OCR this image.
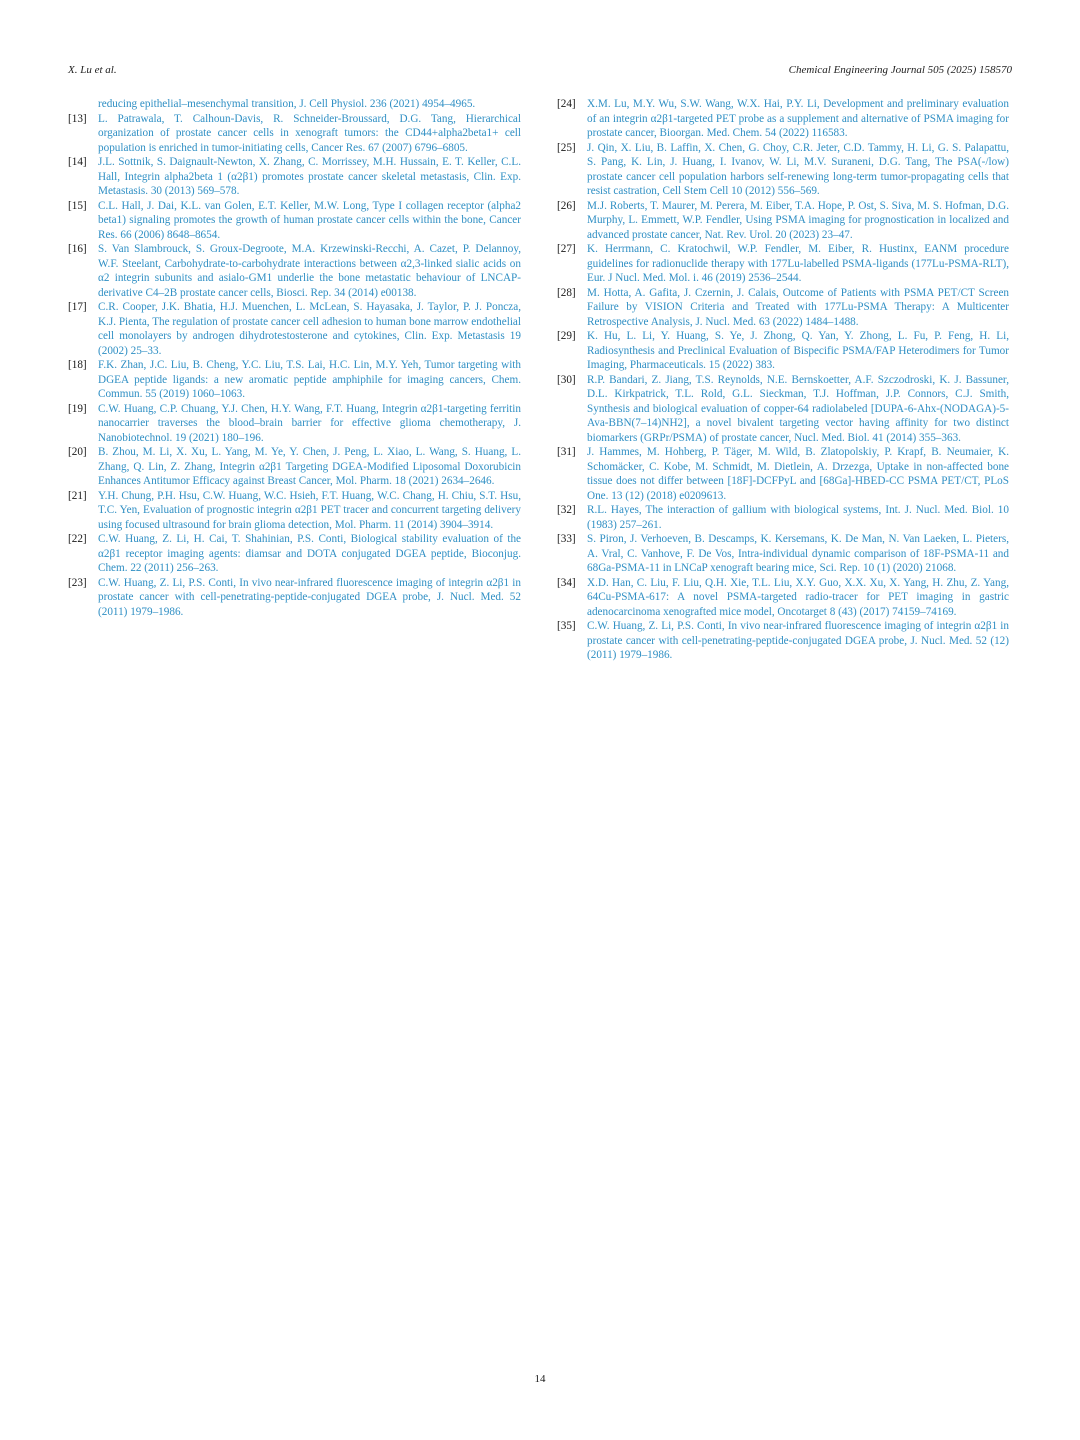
X. Lu et al.	Chemical Engineering Journal 505 (2025) 158570

reducing epithelial–mesenchymal transition, J. Cell Physiol. 236 (2021) 4954–4965.

[13] L. Patrawala, T. Calhoun-Davis, R. Schneider-Broussard, D.G. Tang, Hierarchical organization of prostate cancer cells in xenograft tumors: the CD44+alpha2beta1+ cell population is enriched in tumor-initiating cells, Cancer Res. 67 (2007) 6796–6805.

[14] J.L. Sottnik, S. Daignault-Newton, X. Zhang, C. Morrissey, M.H. Hussain, E. T. Keller, C.L. Hall, Integrin alpha2beta 1 (α2β1) promotes prostate cancer skeletal metastasis, Clin. Exp. Metastasis. 30 (2013) 569–578.

[15] C.L. Hall, J. Dai, K.L. van Golen, E.T. Keller, M.W. Long, Type I collagen receptor (alpha2 beta1) signaling promotes the growth of human prostate cancer cells within the bone, Cancer Res. 66 (2006) 8648–8654.

[16] S. Van Slambrouck, S. Groux-Degroote, M.A. Krzewinski-Recchi, A. Cazet, P. Delannoy, W.F. Steelant, Carbohydrate-to-carbohydrate interactions between α2,3-linked sialic acids on α2 integrin subunits and asialo-GM1 underlie the bone metastatic behaviour of LNCAP-derivative C4–2B prostate cancer cells, Biosci. Rep. 34 (2014) e00138.

[17] C.R. Cooper, J.K. Bhatia, H.J. Muenchen, L. McLean, S. Hayasaka, J. Taylor, P. J. Poncza, K.J. Pienta, The regulation of prostate cancer cell adhesion to human bone marrow endothelial cell monolayers by androgen dihydrotestosterone and cytokines, Clin. Exp. Metastasis 19 (2002) 25–33.

[18] F.K. Zhan, J.C. Liu, B. Cheng, Y.C. Liu, T.S. Lai, H.C. Lin, M.Y. Yeh, Tumor targeting with DGEA peptide ligands: a new aromatic peptide amphiphile for imaging cancers, Chem. Commun. 55 (2019) 1060–1063.

[19] C.W. Huang, C.P. Chuang, Y.J. Chen, H.Y. Wang, F.T. Huang, Integrin α2β1-targeting ferritin nanocarrier traverses the blood–brain barrier for effective glioma chemotherapy, J. Nanobiotechnol. 19 (2021) 180–196.

[20] B. Zhou, M. Li, X. Xu, L. Yang, M. Ye, Y. Chen, J. Peng, L. Xiao, L. Wang, S. Huang, L. Zhang, Q. Lin, Z. Zhang, Integrin α2β1 Targeting DGEA-Modified Liposomal Doxorubicin Enhances Antitumor Efficacy against Breast Cancer, Mol. Pharm. 18 (2021) 2634–2646.

[21] Y.H. Chung, P.H. Hsu, C.W. Huang, W.C. Hsieh, F.T. Huang, W.C. Chang, H. Chiu, S.T. Hsu, T.C. Yen, Evaluation of prognostic integrin α2β1 PET tracer and concurrent targeting delivery using focused ultrasound for brain glioma detection, Mol. Pharm. 11 (2014) 3904–3914.

[22] C.W. Huang, Z. Li, H. Cai, T. Shahinian, P.S. Conti, Biological stability evaluation of the α2β1 receptor imaging agents: diamsar and DOTA conjugated DGEA peptide, Bioconjug. Chem. 22 (2011) 256–263.

[23] C.W. Huang, Z. Li, P.S. Conti, In vivo near-infrared fluorescence imaging of integrin α2β1 in prostate cancer with cell-penetrating-peptide-conjugated DGEA probe, J. Nucl. Med. 52 (2011) 1979–1986.

[24] X.M. Lu, M.Y. Wu, S.W. Wang, W.X. Hai, P.Y. Li, Development and preliminary evaluation of an integrin α2β1-targeted PET probe as a supplement and alternative of PSMA imaging for prostate cancer, Bioorgan. Med. Chem. 54 (2022) 116583.

[25] J. Qin, X. Liu, B. Laffin, X. Chen, G. Choy, C.R. Jeter, C.D. Tammy, H. Li, G. S. Palapattu, S. Pang, K. Lin, J. Huang, I. Ivanov, W. Li, M.V. Suraneni, D.G. Tang, The PSA(-/low) prostate cancer cell population harbors self-renewing long-term tumor-propagating cells that resist castration, Cell Stem Cell 10 (2012) 556–569.

[26] M.J. Roberts, T. Maurer, M. Perera, M. Eiber, T.A. Hope, P. Ost, S. Siva, M. S. Hofman, D.G. Murphy, L. Emmett, W.P. Fendler, Using PSMA imaging for prognostication in localized and advanced prostate cancer, Nat. Rev. Urol. 20 (2023) 23–47.

[27] K. Herrmann, C. Kratochwil, W.P. Fendler, M. Eiber, R. Hustinx, EANM procedure guidelines for radionuclide therapy with 177Lu-labelled PSMA-ligands (177Lu-PSMA-RLT), Eur. J Nucl. Med. Mol. i. 46 (2019) 2536–2544.

[28] M. Hotta, A. Gafita, J. Czernin, J. Calais, Outcome of Patients with PSMA PET/CT Screen Failure by VISION Criteria and Treated with 177Lu-PSMA Therapy: A Multicenter Retrospective Analysis, J. Nucl. Med. 63 (2022) 1484–1488.

[29] K. Hu, L. Li, Y. Huang, S. Ye, J. Zhong, Q. Yan, Y. Zhong, L. Fu, P. Feng, H. Li, Radiosynthesis and Preclinical Evaluation of Bispecific PSMA/FAP Heterodimers for Tumor Imaging, Pharmaceuticals. 15 (2022) 383.

[30] R.P. Bandari, Z. Jiang, T.S. Reynolds, N.E. Bernskoetter, A.F. Szczodroski, K. J. Bassuner, D.L. Kirkpatrick, T.L. Rold, G.L. Sieckman, T.J. Hoffman, J.P. Connors, C.J. Smith, Synthesis and biological evaluation of copper-64 radiolabeled [DUPA-6-Ahx-(NODAGA)-5-Ava-BBN(7–14)NH2], a novel bivalent targeting vector having affinity for two distinct biomarkers (GRPr/PSMA) of prostate cancer, Nucl. Med. Biol. 41 (2014) 355–363.

[31] J. Hammes, M. Hohberg, P. Täger, M. Wild, B. Zlatopolskiy, P. Krapf, B. Neumaier, K. Schomäcker, C. Kobe, M. Schmidt, M. Dietlein, A. Drzezga, Uptake in non-affected bone tissue does not differ between [18F]-DCFPyL and [68Ga]-HBED-CC PSMA PET/CT, PLoS One. 13 (12) (2018) e0209613.

[32] R.L. Hayes, The interaction of gallium with biological systems, Int. J. Nucl. Med. Biol. 10 (1983) 257–261.

[33] S. Piron, J. Verhoeven, B. Descamps, K. Kersemans, K. De Man, N. Van Laeken, L. Pieters, A. Vral, C. Vanhove, F. De Vos, Intra-individual dynamic comparison of 18F-PSMA-11 and 68Ga-PSMA-11 in LNCaP xenograft bearing mice, Sci. Rep. 10 (1) (2020) 21068.

[34] X.D. Han, C. Liu, F. Liu, Q.H. Xie, T.L. Liu, X.Y. Guo, X.X. Xu, X. Yang, H. Zhu, Z. Yang, 64Cu-PSMA-617: A novel PSMA-targeted radio-tracer for PET imaging in gastric adenocarcinoma xenografted mice model, Oncotarget 8 (43) (2017) 74159–74169.

[35] C.W. Huang, Z. Li, P.S. Conti, In vivo near-infrared fluorescence imaging of integrin α2β1 in prostate cancer with cell-penetrating-peptide-conjugated DGEA probe, J. Nucl. Med. 52 (12) (2011) 1979–1986.

14
